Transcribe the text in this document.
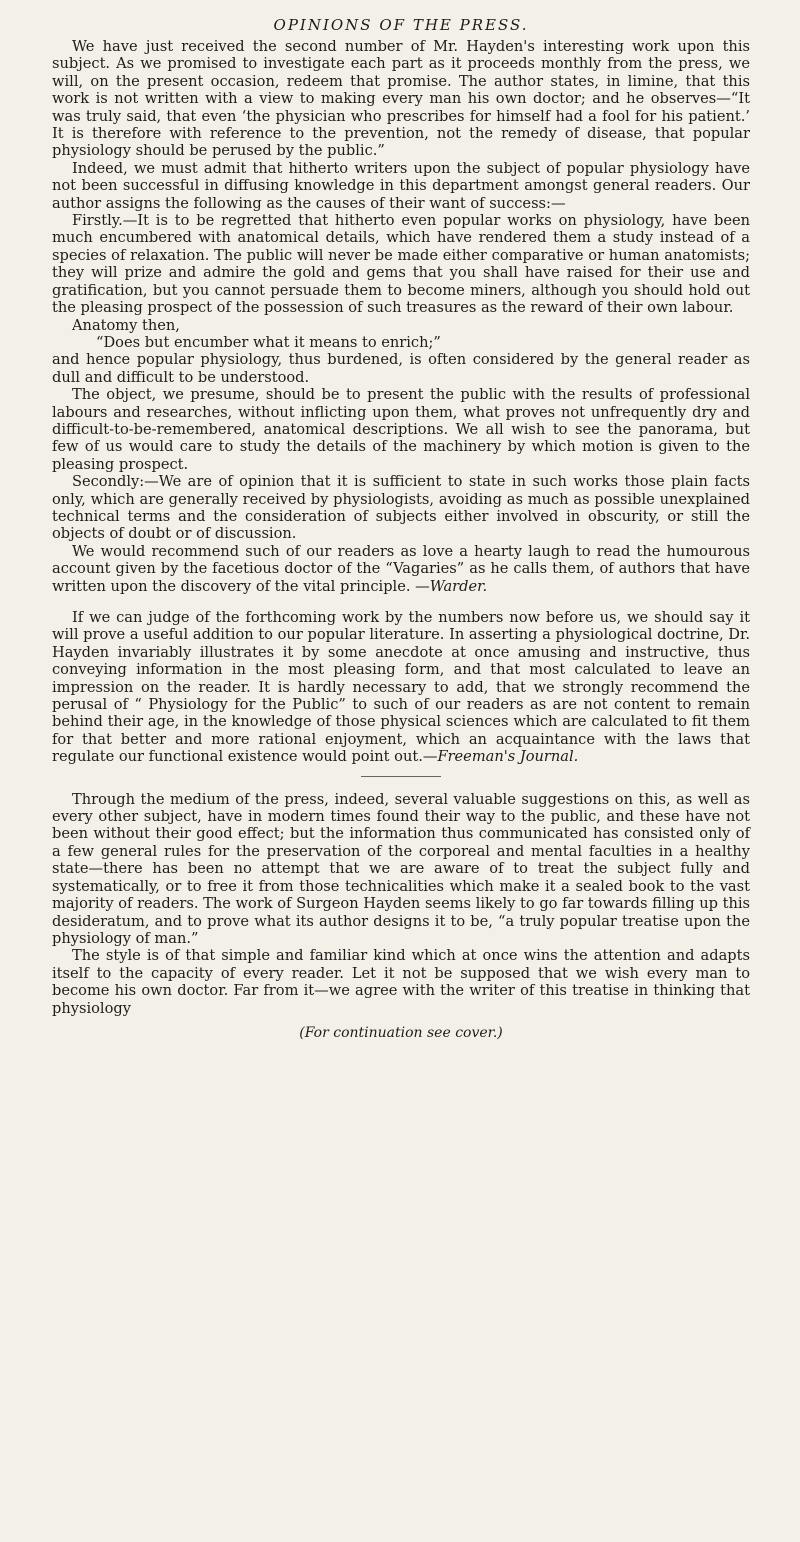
OPINIONS OF THE PRESS.

We have just received the second number of Mr. Hayden's interesting work upon this subject. As we promised to investigate each part as it proceeds monthly from the press, we will, on the present occasion, redeem that promise. The author states, in limine, that this work is not written with a view to making every man his own doctor; and he observes—“It was truly said, that even ‘the physician who prescribes for himself had a fool for his patient.’ It is therefore with reference to the prevention, not the remedy of disease, that popular physiology should be perused by the public.”

Indeed, we must admit that hitherto writers upon the subject of popular physiology have not been successful in diffusing knowledge in this department amongst general readers. Our author assigns the following as the causes of their want of success:—

Firstly.—It is to be regretted that hitherto even popular works on physiology, have been much encumbered with anatomical details, which have rendered them a study instead of a species of relaxation. The public will never be made either comparative or human anatomists; they will prize and admire the gold and gems that you shall have raised for their use and gratification, but you cannot persuade them to become miners, although you should hold out the pleasing prospect of the possession of such treasures as the reward of their own labour.

Anatomy then,

“Does but encumber what it means to enrich;”

and hence popular physiology, thus burdened, is often considered by the general reader as dull and difficult to be understood.

The object, we presume, should be to present the public with the results of professional labours and researches, without inflicting upon them, what proves not unfrequently dry and difficult-to-be-remembered, anatomical descriptions. We all wish to see the panorama, but few of us would care to study the details of the machinery by which motion is given to the pleasing prospect.

Secondly:—We are of opinion that it is sufficient to state in such works those plain facts only, which are generally received by physiologists, avoiding as much as possible unexplained technical terms and the consideration of subjects either involved in obscurity, or still the objects of doubt or of discussion.

We would recommend such of our readers as love a hearty laugh to read the humourous account given by the facetious doctor of the “Vagaries” as he calls them, of authors that have written upon the discovery of the vital principle. —Warder.

If we can judge of the forthcoming work by the numbers now before us, we should say it will prove a useful addition to our popular literature. In asserting a physiological doctrine, Dr. Hayden invariably illustrates it by some anecdote at once amusing and instructive, thus conveying information in the most pleasing form, and that most calculated to leave an impression on the reader. It is hardly necessary to add, that we strongly recommend the perusal of “ Physiology for the Public” to such of our readers as are not content to remain behind their age, in the knowledge of those physical sciences which are calculated to fit them for that better and more rational enjoyment, which an acquaintance with the laws that regulate our functional existence would point out.—Freeman's Journal.

Through the medium of the press, indeed, several valuable suggestions on this, as well as every other subject, have in modern times found their way to the public, and these have not been without their good effect; but the information thus communicated has consisted only of a few general rules for the preservation of the corporeal and mental faculties in a healthy state—there has been no attempt that we are aware of to treat the subject fully and systematically, or to free it from those technicalities which make it a sealed book to the vast majority of readers. The work of Surgeon Hayden seems likely to go far towards filling up this desideratum, and to prove what its author designs it to be, “a truly popular treatise upon the physiology of man.”

The style is of that simple and familiar kind which at once wins the attention and adapts itself to the capacity of every reader. Let it not be supposed that we wish every man to become his own doctor. Far from it—we agree with the writer of this treatise in thinking that physiology

(For continuation see cover.)
